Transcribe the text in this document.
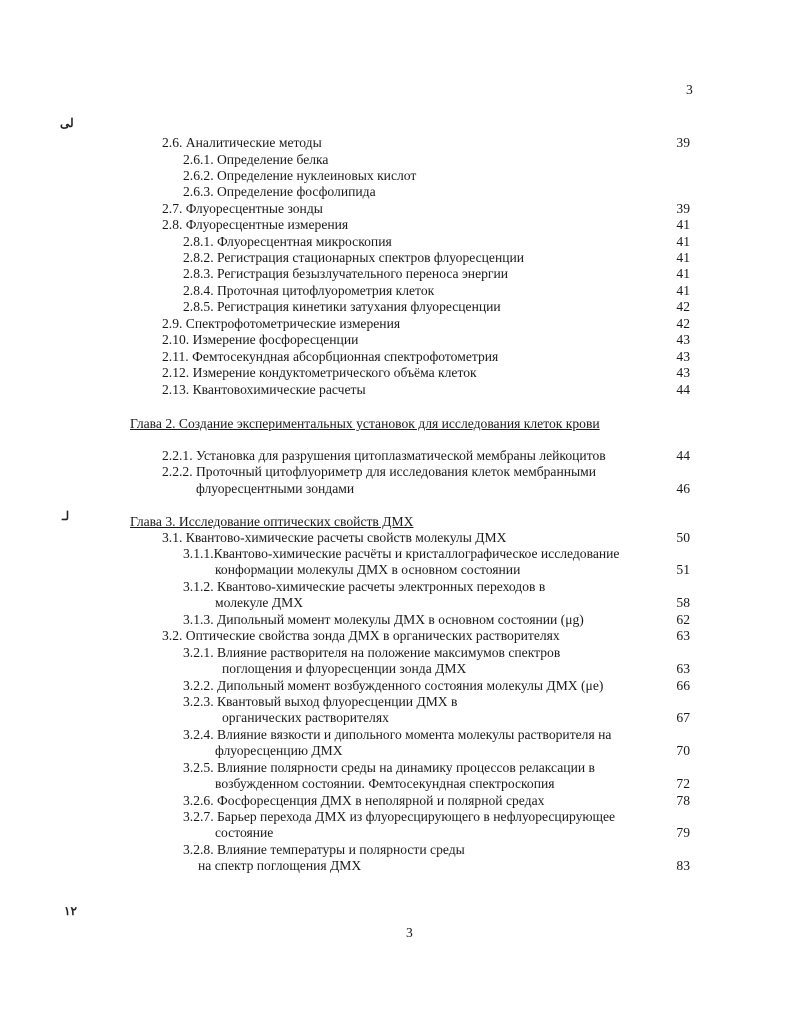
3
3
لی
لـ
۱۲
2.6. Аналитические методы	39
2.6.1. Определение белка
2.6.2. Определение нуклеиновых кислот
2.6.3. Определение фосфолипида
2.7. Флуоресцентные зонды	39
2.8. Флуоресцентные измерения	41
2.8.1. Флуоресцентная микроскопия	41
2.8.2. Регистрация стационарных спектров флуоресценции	41
2.8.3. Регистрация безызлучательного переноса энергии	41
2.8.4. Проточная цитофлуорометрия клеток	41
2.8.5. Регистрация кинетики затухания флуоресценции	42
2.9. Спектрофотометрические измерения	42
2.10. Измерение фосфоресценции	43
2.11. Фемтосекундная абсорбционная спектрофотометрия	43
2.12. Измерение кондуктометрического объёма клеток	43
2.13. Квантовохимические расчеты	44
Глава 2. Создание экспериментальных установок для исследования клеток крови
2.2.1. Установка для разрушения цитоплазматической мембраны лейкоцитов	44
2.2.2. Проточный цитофлуориметр для исследования клеток мембранными
флуоресцентными зондами	46
Глава 3. Исследование оптических свойств ДМХ
3.1. Квантово-химические расчеты свойств молекулы ДМХ	50
3.1.1.Квантово-химические расчёты и кристаллографическое исследование
конформации молекулы ДМХ в основном состоянии	51
3.1.2. Квантово-химические расчеты электронных переходов в
молекуле ДМХ	58
3.1.3. Дипольный момент молекулы ДМХ в основном состоянии (μg)	62
3.2. Оптические свойства зонда ДМХ в органических растворителях	63
3.2.1. Влияние растворителя на положение максимумов спектров
поглощения и флуоресценции зонда ДМХ	63
3.2.2. Дипольный момент возбужденного состояния молекулы ДМХ (μe)	66
3.2.3. Квантовый выход флуоресценции ДМХ в
органических растворителях	67
3.2.4. Влияние вязкости и дипольного момента молекулы растворителя на
флуоресценцию ДМХ	70
3.2.5. Влияние полярности среды на динамику процессов релаксации в
возбужденном состоянии. Фемтосекундная спектроскопия	72
3.2.6. Фосфоресценция ДМХ в неполярной и полярной средах	78
3.2.7. Барьер перехода ДМХ из флуоресцирующего в нефлуоресцирующее
состояние	79
3.2.8. Влияние температуры и полярности среды
на спектр поглощения ДМХ	83
